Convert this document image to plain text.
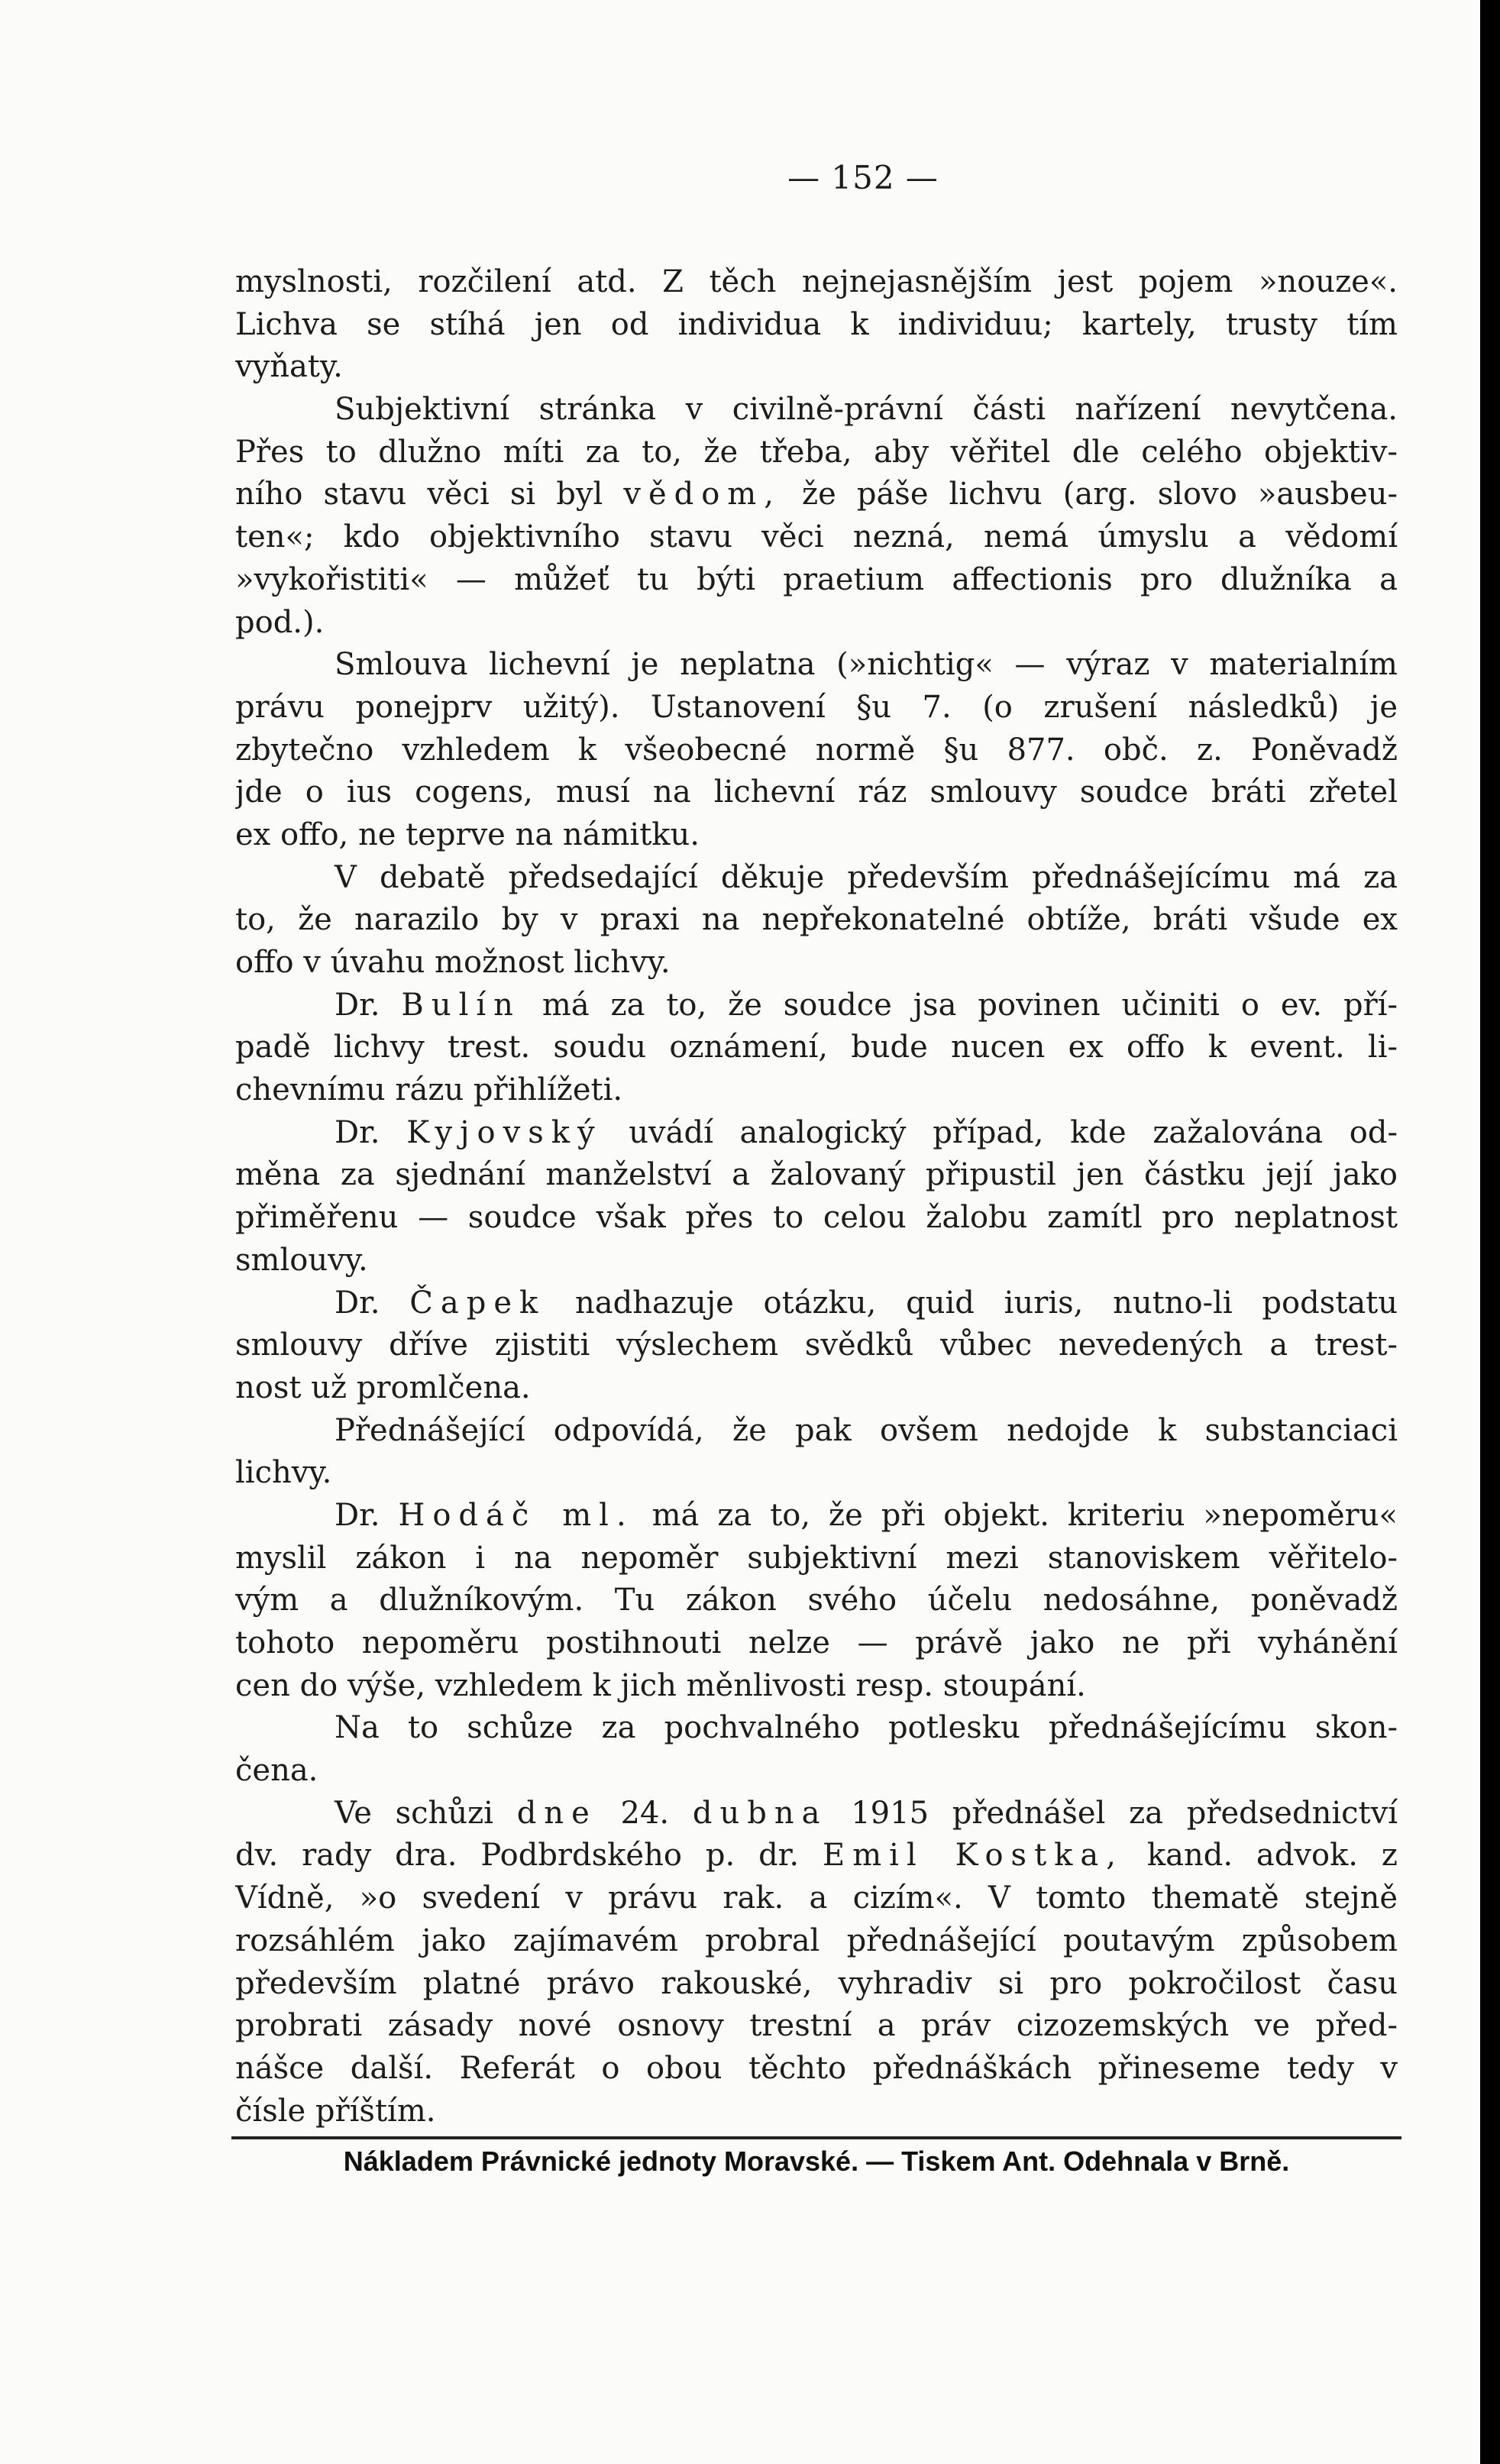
— 152 —
myslnosti, rozčilení atd. Z těch nejnejasnějším jest pojem »nouze«.
Lichva se stíhá jen od individua k individuu; kartely, trusty tím
vyňaty.
Subjektivní stránka v civilně-právní části nařízení nevytčena.
Přes to dlužno míti za to, že třeba, aby věřitel dle celého objektiv-
ního stavu věci si byl vědom, že páše lichvu (arg. slovo »ausbeu-
ten«; kdo objektivního stavu věci nezná, nemá úmyslu a vědomí
»vykořistiti« — můžeť tu býti praetium affectionis pro dlužníka a
pod.).
Smlouva lichevní je neplatna (»nichtig« — výraz v materialním
právu ponejprv užitý). Ustanovení §u 7. (o zrušení následků) je
zbytečno vzhledem k všeobecné normě §u 877. obč. z. Poněvadž
jde o ius cogens, musí na lichevní ráz smlouvy soudce bráti zřetel
ex offo, ne teprve na námitku.
V debatě předsedající děkuje především přednášejícímu má za
to, že narazilo by v praxi na nepřekonatelné obtíže, bráti všude ex
offo v úvahu možnost lichvy.
Dr. Bulín má za to, že soudce jsa povinen učiniti o ev. pří-
padě lichvy trest. soudu oznámení, bude nucen ex offo k event. li-
chevnímu rázu přihlížeti.
Dr. Kyjovský uvádí analogický případ, kde zažalována od-
měna za sjednání manželství a žalovaný připustil jen částku její jako
přiměřenu — soudce však přes to celou žalobu zamítl pro neplatnost
smlouvy.
Dr. Čapek nadhazuje otázku, quid iuris, nutno-li podstatu
smlouvy dříve zjistiti výslechem svědků vůbec nevedených a trest-
nost už promlčena.
Přednášející odpovídá, že pak ovšem nedojde k substanciaci
lichvy.
Dr. Hodáč ml. má za to, že při objekt. kriteriu »nepoměru«
myslil zákon i na nepoměr subjektivní mezi stanoviskem věřitelo-
vým a dlužníkovým. Tu zákon svého účelu nedosáhne, poněvadž
tohoto nepoměru postihnouti nelze — právě jako ne při vyhánění
cen do výše, vzhledem k jich měnlivosti resp. stoupání.
Na to schůze za pochvalného potlesku přednášejícímu skon-
čena.
Ve schůzi dne 24. dubna 1915 přednášel za předsednictví
dv. rady dra. Podbrdského p. dr. Emil Kostka, kand. advok. z
Vídně, »o svedení v právu rak. a cizím«. V tomto thematě stejně
rozsáhlém jako zajímavém probral přednášející poutavým způsobem
především platné právo rakouské, vyhradiv si pro pokročilost času
probrati zásady nové osnovy trestní a práv cizozemských ve před-
nášce další. Referát o obou těchto přednáškách přineseme tedy v
čísle příštím.
Nákladem Právnické jednoty Moravské. — Tiskem Ant. Odehnala v Brně.
